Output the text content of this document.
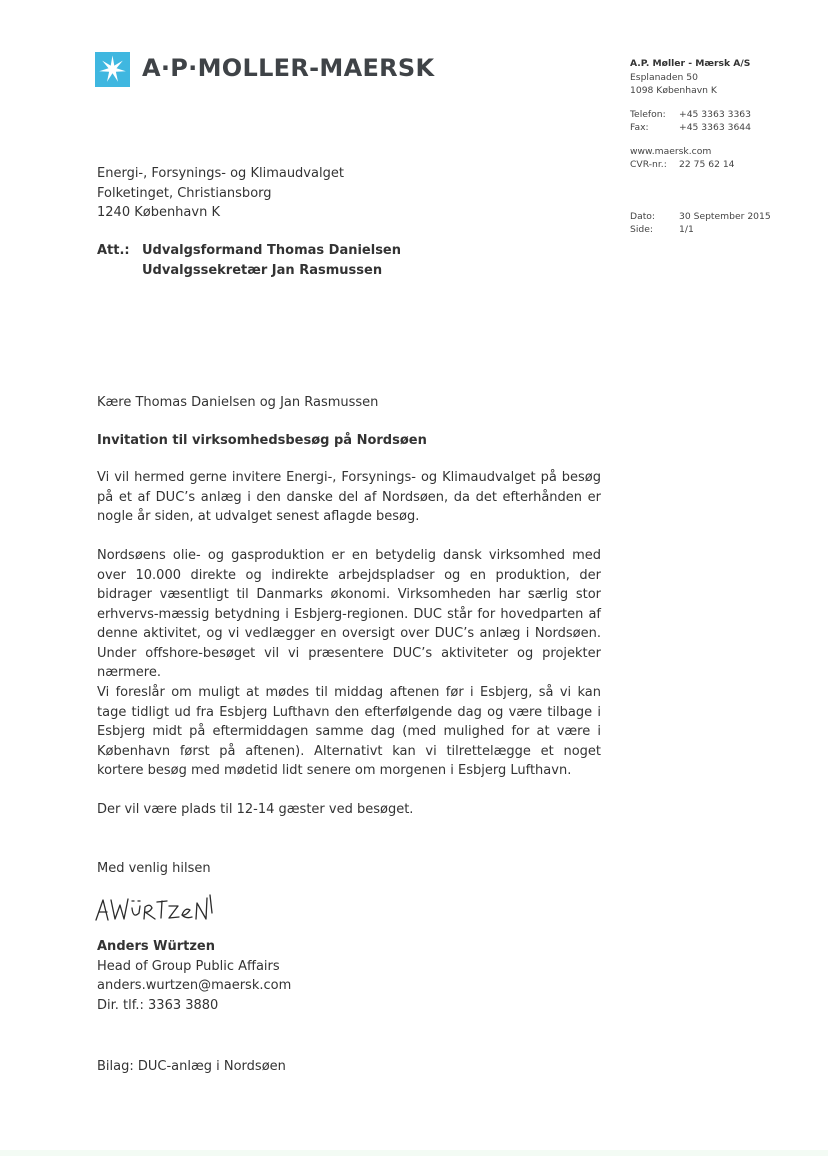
A·P·MOLLER-MAERSK	A.P. Møller - Mærsk A/S
Esplanaden 50
1098 København K
Telefon:	+45 3363 3363
Fax:	+45 3363 3644
www.maersk.com
CVR-nr.:	22 75 62 14
Dato:	30 September 2015
Side:	1/1
Energi-, Forsynings- og Klimaudvalget
Folketinget, Christiansborg
1240 København K
Att.: Udvalgsformand Thomas Danielsen
Udvalgssekretær Jan Rasmussen
Kære Thomas Danielsen og Jan Rasmussen
Invitation til virksomhedsbesøg på Nordsøen
Vi vil hermed gerne invitere Energi-, Forsynings- og Klimaudvalget på besøg på et af DUC’s anlæg i den danske del af Nordsøen, da det efterhånden er nogle år siden, at udvalget senest aflagde besøg.
Nordsøens olie- og gasproduktion er en betydelig dansk virksomhed med over 10.000 direkte og indirekte arbejdspladser og en produktion, der bidrager væsentligt til Danmarks økonomi. Virksomheden har særlig stor erhvervs-mæssig betydning i Esbjerg-regionen. DUC står for hovedparten af denne aktivitet, og vi vedlægger en oversigt over DUC’s anlæg i Nordsøen. Under offshore-besøget vil vi præsentere DUC’s aktiviteter og projekter nærmere.
Vi foreslår om muligt at mødes til middag aftenen før i Esbjerg, så vi kan tage tidligt ud fra Esbjerg Lufthavn den efterfølgende dag og være tilbage i Esbjerg midt på eftermiddagen samme dag (med mulighed for at være i København først på aftenen). Alternativt kan vi tilrettelægge et noget kortere besøg med mødetid lidt senere om morgenen i Esbjerg Lufthavn.
Der vil være plads til 12-14 gæster ved besøget.
Med venlig hilsen
Anders Würtzen
Head of Group Public Affairs
anders.wurtzen@maersk.com
Dir. tlf.: 3363 3880
Bilag: DUC-anlæg i Nordsøen
